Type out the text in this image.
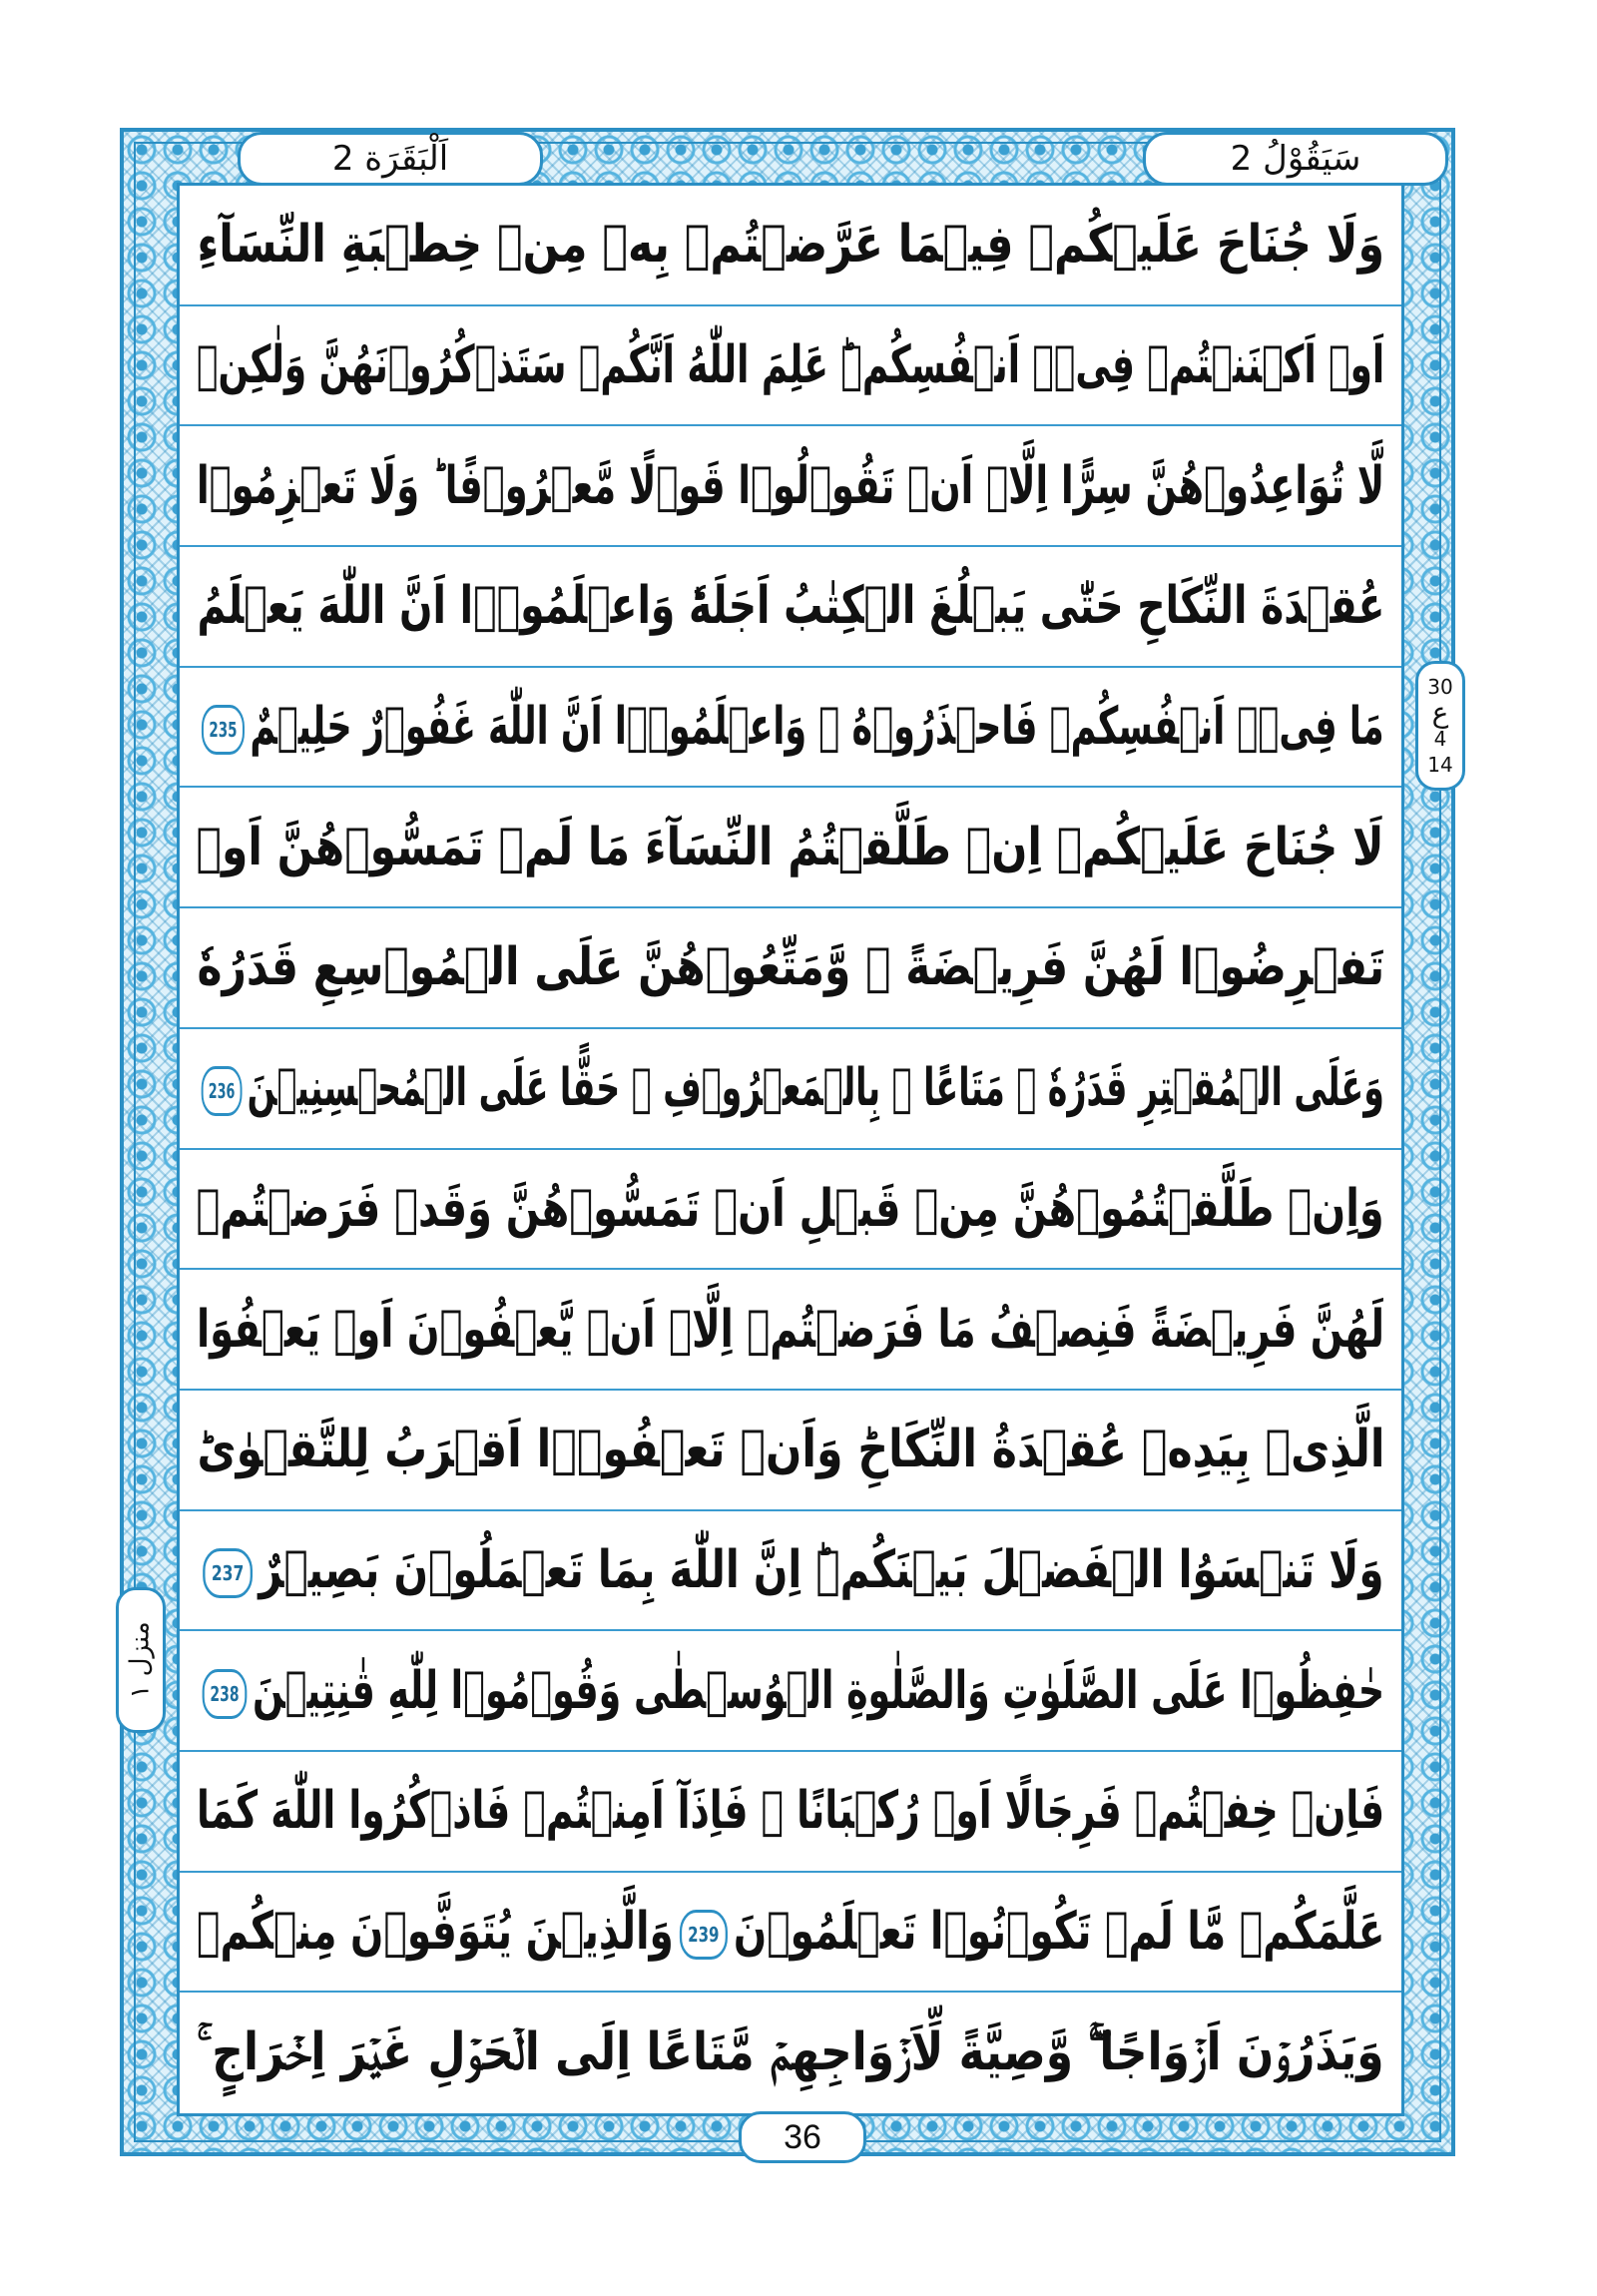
اَلْبَقَرَة 2	سَيَقُوْلُ 2
وَلَا جُنَاحَ عَلَيۡكُمۡ فِيۡمَا عَرَّضۡتُمۡ بِهٖ مِنۡ خِطۡبَةِ النِّسَآءِ
اَوۡ اَكۡنَنۡتُمۡ فِىۡۤ اَنۡفُسِكُمۡ‌ؕ عَلِمَ اللّٰهُ اَنَّكُمۡ سَتَذۡكُرُوۡنَهُنَّ وَلٰكِنۡ
لَّا تُوَاعِدُوۡهُنَّ سِرًّا اِلَّاۤ اَنۡ تَقُوۡلُوۡا قَوۡلًا مَّعۡرُوۡفًا ؕ وَلَا تَعۡزِمُوۡا
عُقۡدَةَ النِّكَاحِ حَتّٰى يَبۡلُغَ الۡكِتٰبُ اَجَلَهٗ‌ؕ وَاعۡلَمُوۡۤا اَنَّ اللّٰهَ يَعۡلَمُ
مَا فِىۡۤ اَنۡفُسِكُمۡ فَاحۡذَرُوۡهُ‌ ۚ وَاعۡلَمُوۡۤا اَنَّ اللّٰهَ غَفُوۡرٌ حَلِيۡمٌ235
لَا جُنَاحَ عَلَيۡكُمۡ اِنۡ طَلَّقۡتُمُ النِّسَآءَ مَا لَمۡ تَمَسُّوۡهُنَّ اَوۡ
تَفۡرِضُوۡا لَهُنَّ فَرِيۡضَةً ۚ وَّمَتِّعُوۡهُنَّ عَلَى الۡمُوۡسِعِ قَدَرُهٗ
وَعَلَى الۡمُقۡتِرِ قَدَرُهٗ ۚ مَتَاعًا ۢ بِالۡمَعۡرُوۡفِ‌ ۚ حَقًّا عَلَى الۡمُحۡسِنِيۡنَ236
وَاِنۡ طَلَّقۡتُمُوۡهُنَّ مِنۡ قَبۡلِ اَنۡ تَمَسُّوۡهُنَّ وَقَدۡ فَرَضۡتُمۡ
لَهُنَّ فَرِيۡضَةً فَنِصۡفُ مَا فَرَضۡتُمۡ اِلَّاۤ اَنۡ يَّعۡفُوۡنَ اَوۡ يَعۡفُوَا
الَّذِىۡ بِيَدِهٖ عُقۡدَةُ النِّكَاحِ‌ؕ وَاَنۡ تَعۡفُوۡۤا اَقۡرَبُ لِلتَّقۡوٰى‌ؕ
وَلَا تَنۡسَوُا الۡفَضۡلَ بَيۡنَكُمۡ‌ؕ اِنَّ اللّٰهَ بِمَا تَعۡمَلُوۡنَ بَصِيۡرٌ237
حٰفِظُوۡا عَلَى الصَّلَوٰتِ وَالصَّلٰوةِ الۡوُسۡطٰى وَقُوۡمُوۡا لِلّٰهِ قٰنِتِيۡنَ238
فَاِنۡ خِفۡتُمۡ فَرِجَالًا اَوۡ رُكۡبَانًا ‌ۚ فَاِذَآ اَمِنۡتُمۡ فَاذۡكُرُوا اللّٰهَ كَمَا
عَلَّمَكُمۡ مَّا لَمۡ تَكُوۡنُوۡا تَعۡلَمُوۡنَ239وَالَّذِيۡنَ يُتَوَفَّوۡنَ مِنۡكُمۡ
وَيَذَرُوۡنَ اَزۡوَاجًا ۖۚ وَّصِيَّةً لِّاَزۡوَاجِهِمۡ مَّتَاعًا اِلَى الۡحَوۡلِ غَيۡرَ اِخۡرَاجٍ ‌ۚ
30
ع
4
14
منزل ١
36
